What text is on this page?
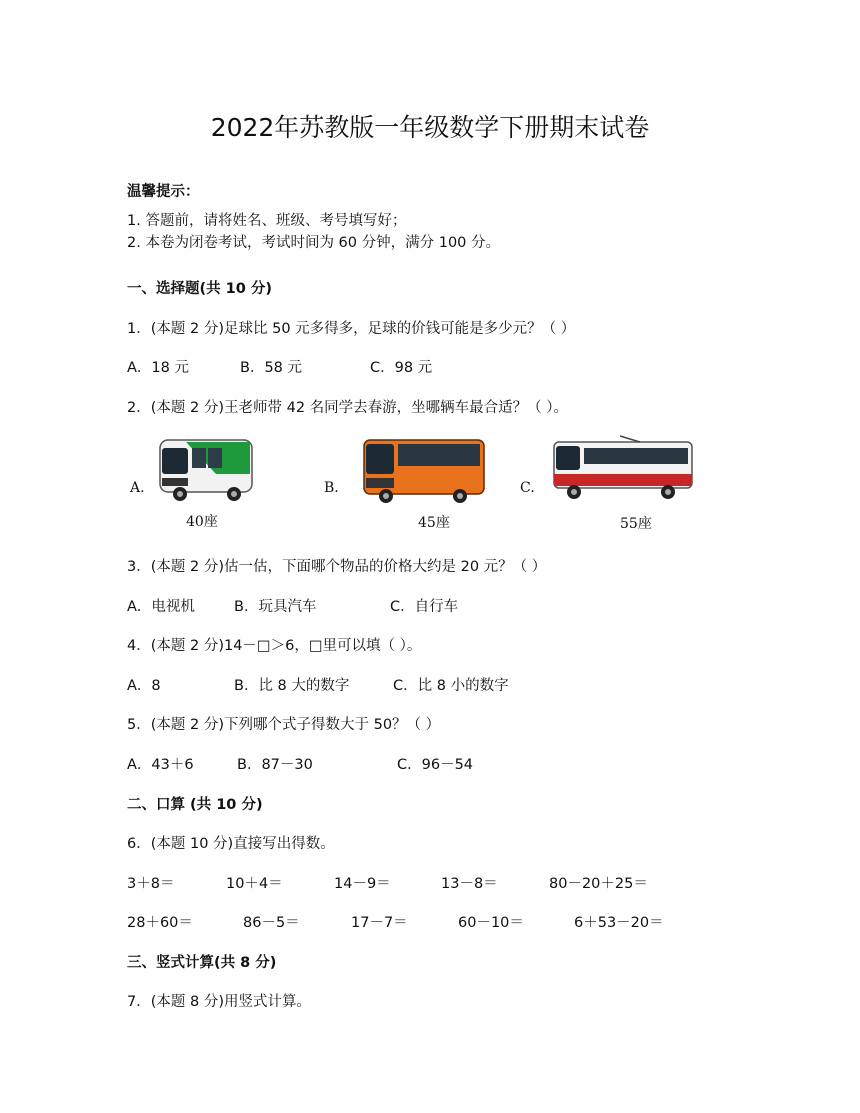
2022年苏教版一年级数学下册期末试卷
温馨提示：
1. 答题前，请将姓名、班级、考号填写好；
2. 本卷为闭卷考试，考试时间为 60 分钟，满分 100 分。
一、选择题(共 10 分)
1．(本题 2 分)足球比 50 元多得多，足球的价钱可能是多少元？（ ）
A．18 元	B．58 元	C．98 元
2．(本题 2 分)王老师带 42 名同学去春游，坐哪辆车最合适？（ ）。
A.
40座
B.
45座
C.
55座
3．(本题 2 分)估一估，下面哪个物品的价格大约是 20 元？（ ）
A．电视机	B．玩具汽车	C．自行车
4．(本题 2 分)14－□＞6，□里可以填（ ）。
A．8	B．比 8 大的数字	C．比 8 小的数字
5．(本题 2 分)下列哪个式子得数大于 50？（ ）
A．43＋6	B．87－30	C．96－54
二、口算 (共 10 分)
6．(本题 10 分)直接写出得数。
3＋8＝	10＋4＝	14－9＝	13－8＝	80－20＋25＝
28＋60＝	86－5＝	17－7＝	60－10＝	6＋53－20＝
三、竖式计算(共 8 分)
7．(本题 8 分)用竖式计算。
